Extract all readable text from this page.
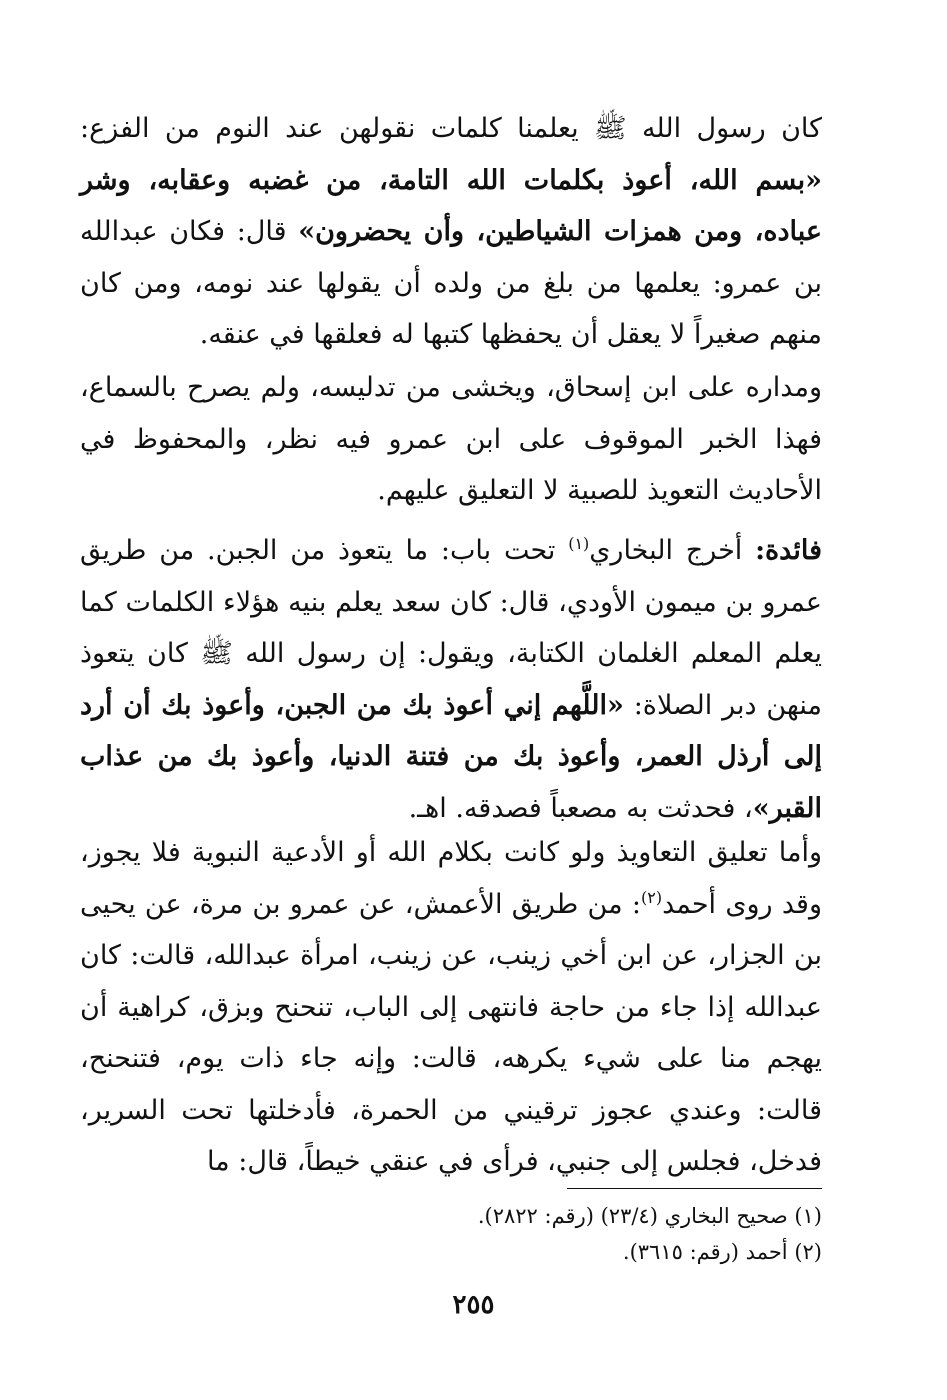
كان رسول الله ﷺ يعلمنا كلمات نقولهن عند النوم من الفزع: «بسم الله، أعوذ بكلمات الله التامة، من غضبه وعقابه، وشر عباده، ومن همزات الشياطين، وأن يحضرون» قال: فكان عبدالله بن عمرو: يعلمها من بلغ من ولده أن يقولها عند نومه، ومن كان منهم صغيراً لا يعقل أن يحفظها كتبها له فعلقها في عنقه.

ومداره على ابن إسحاق، ويخشى من تدليسه، ولم يصرح بالسماع، فهذا الخبر الموقوف على ابن عمرو فيه نظر، والمحفوظ في الأحاديث التعويذ للصبية لا التعليق عليهم.

فائدة: أخرج البخاري$^{(١)}$ تحت باب: ما يتعوذ من الجبن. من طريق عمرو بن ميمون الأودي، قال: كان سعد يعلم بنيه هؤلاء الكلمات كما يعلم المعلم الغلمان الكتابة، ويقول: إن رسول الله ﷺ كان يتعوذ منهن دبر الصلاة: «اللَّهم إني أعوذ بك من الجبن، وأعوذ بك أن أرد إلى أرذل العمر، وأعوذ بك من فتنة الدنيا، وأعوذ بك من عذاب القبر»، فحدثت به مصعباً فصدقه. اهـ.

وأما تعليق التعاويذ ولو كانت بكلام الله أو الأدعية النبوية فلا يجوز، وقد روى أحمد$^{(٢)}$: من طريق الأعمش، عن عمرو بن مرة، عن يحيى بن الجزار، عن ابن أخي زينب، عن زينب، امرأة عبدالله، قالت: كان عبدالله إذا جاء من حاجة فانتهى إلى الباب، تنحنح وبزق، كراهية أن يهجم منا على شيء يكرهه، قالت: وإنه جاء ذات يوم، فتنحنح، قالت: وعندي عجوز ترقيني من الحمرة، فأدخلتها تحت السرير، فدخل، فجلس إلى جنبي، فرأى في عنقي خيطاً، قال: ما

(١) صحيح البخاري (٢٣/٤) (رقم: ٢٨٢٢).
(٢) أحمد (رقم: ٣٦١٥).
٢٥٥
